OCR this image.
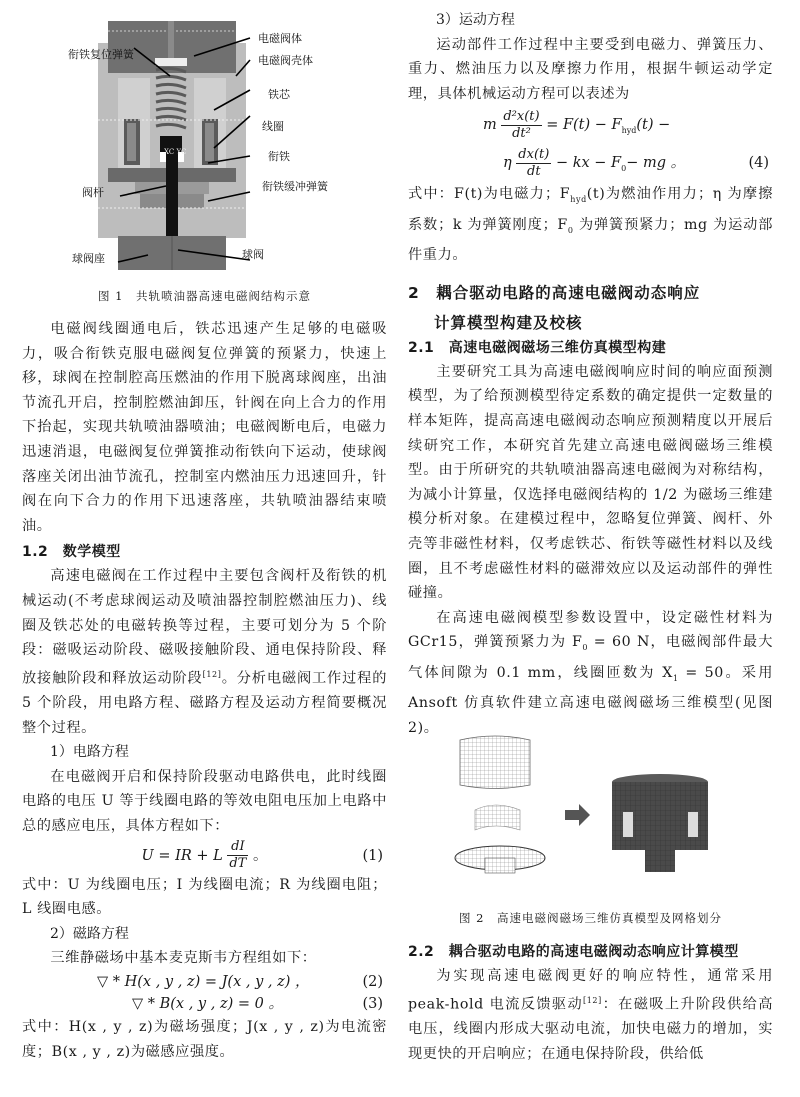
电磁阀体
电磁阀壳体
衔铁复位弹簧
铁芯
线圈
衔铁
阀杆	衔铁缓冲弹簧
球阀座	球阀
XC YC

图 1　共轨喷油器高速电磁阀结构示意

电磁阀线圈通电后，铁芯迅速产生足够的电磁吸力，吸合衔铁克服电磁阀复位弹簧的预紧力，快速上移，球阀在控制腔高压燃油的作用下脱离球阀座，出油节流孔开启，控制腔燃油卸压，针阀在向上合力的作用下抬起，实现共轨喷油器喷油；电磁阀断电后，电磁力迅速消退，电磁阀复位弹簧推动衔铁向下运动，使球阀落座关闭出油节流孔，控制室内燃油压力迅速回升，针阀在向下合力的作用下迅速落座，共轨喷油器结束喷油。

1.2　数学模型

高速电磁阀在工作过程中主要包含阀杆及衔铁的机械运动(不考虑球阀运动及喷油器控制腔燃油压力)、线圈及铁芯处的电磁转换等过程，主要可划分为 5 个阶段：磁吸运动阶段、磁吸接触阶段、通电保持阶段、释放接触阶段和释放运动阶段[12]。分析电磁阀工作过程的 5 个阶段，用电路方程、磁路方程及运动方程简要概况整个过程。

1）电路方程

在电磁阀开启和保持阶段驱动电路供电，此时线圈电路的电压 U 等于线圈电路的等效电阻电压加上电路中总的感应电压，具体方程如下：

U = IR + L $\frac{dI}{dT}$ 。	(1)

式中：U 为线圈电压；I 为线圈电流；R 为线圈电阻；L 线圈电感。

2）磁路方程

三维静磁场中基本麦克斯韦方程组如下：

▽ * H(x , y , z) = J(x , y , z) ，	(2)
▽ * B(x , y , z) = 0 。	(3)

式中：H(x , y , z)为磁场强度；J(x , y , z)为电流密度；B(x , y , z)为磁感应强度。

3）运动方程

运动部件工作过程中主要受到电磁力、弹簧压力、重力、燃油压力以及摩擦力作用，根据牛顿运动学定理，具体机械运动方程可以表述为

m $\frac{\text{d²x(t)}}{\text{dt²}} = F(t) - F_{hyd}(t)$ −
η $\frac{dx(t)}{dt}$ − kx − $F_0-$ mg 。	(4)

式中：F(t)为电磁力；$F_{hyd}(t)$为燃油作用力；η 为摩擦系数；k 为弹簧刚度；$F_0$ 为弹簧预紧力；mg 为运动部件重力。

2　耦合驱动电路的高速电磁阀动态响应

计算模型构建及校核

2.1　高速电磁阀磁场三维仿真模型构建

主要研究工具为高速电磁阀响应时间的响应面预测模型，为了给预测模型待定系数的确定提供一定数量的样本矩阵，提高高速电磁阀动态响应预测精度以开展后续研究工作，本研究首先建立高速电磁阀磁场三维模型。由于所研究的共轨喷油器高速电磁阀为对称结构，为减小计算量，仅选择电磁阀结构的 1/2 为磁场三维建模分析对象。在建模过程中，忽略复位弹簧、阀杆、外壳等非磁性材料，仅考虑铁芯、衔铁等磁性材料以及线圈，且不考虑磁性材料的磁滞效应以及运动部件的弹性碰撞。

在高速电磁阀模型参数设置中，设定磁性材料为 GCr15，弹簧预紧力为 $F_0 = 60$ N，电磁阀部件最大气体间隙为 0.1 mm，线圈匝数为 $X_1 = 50$。采用 Ansoft 仿真软件建立高速电磁阀磁场三维模型(见图 2)。

图 2　高速电磁阀磁场三维仿真模型及网格划分

2.2　耦合驱动电路的高速电磁阀动态响应计算模型

为实现高速电磁阀更好的响应特性，通常采用 peak-hold 电流反馈驱动[12]：在磁吸上升阶段供给高电压，线圈内形成大驱动电流，加快电磁力的增加，实现更快的开启响应；在通电保持阶段，供给低
